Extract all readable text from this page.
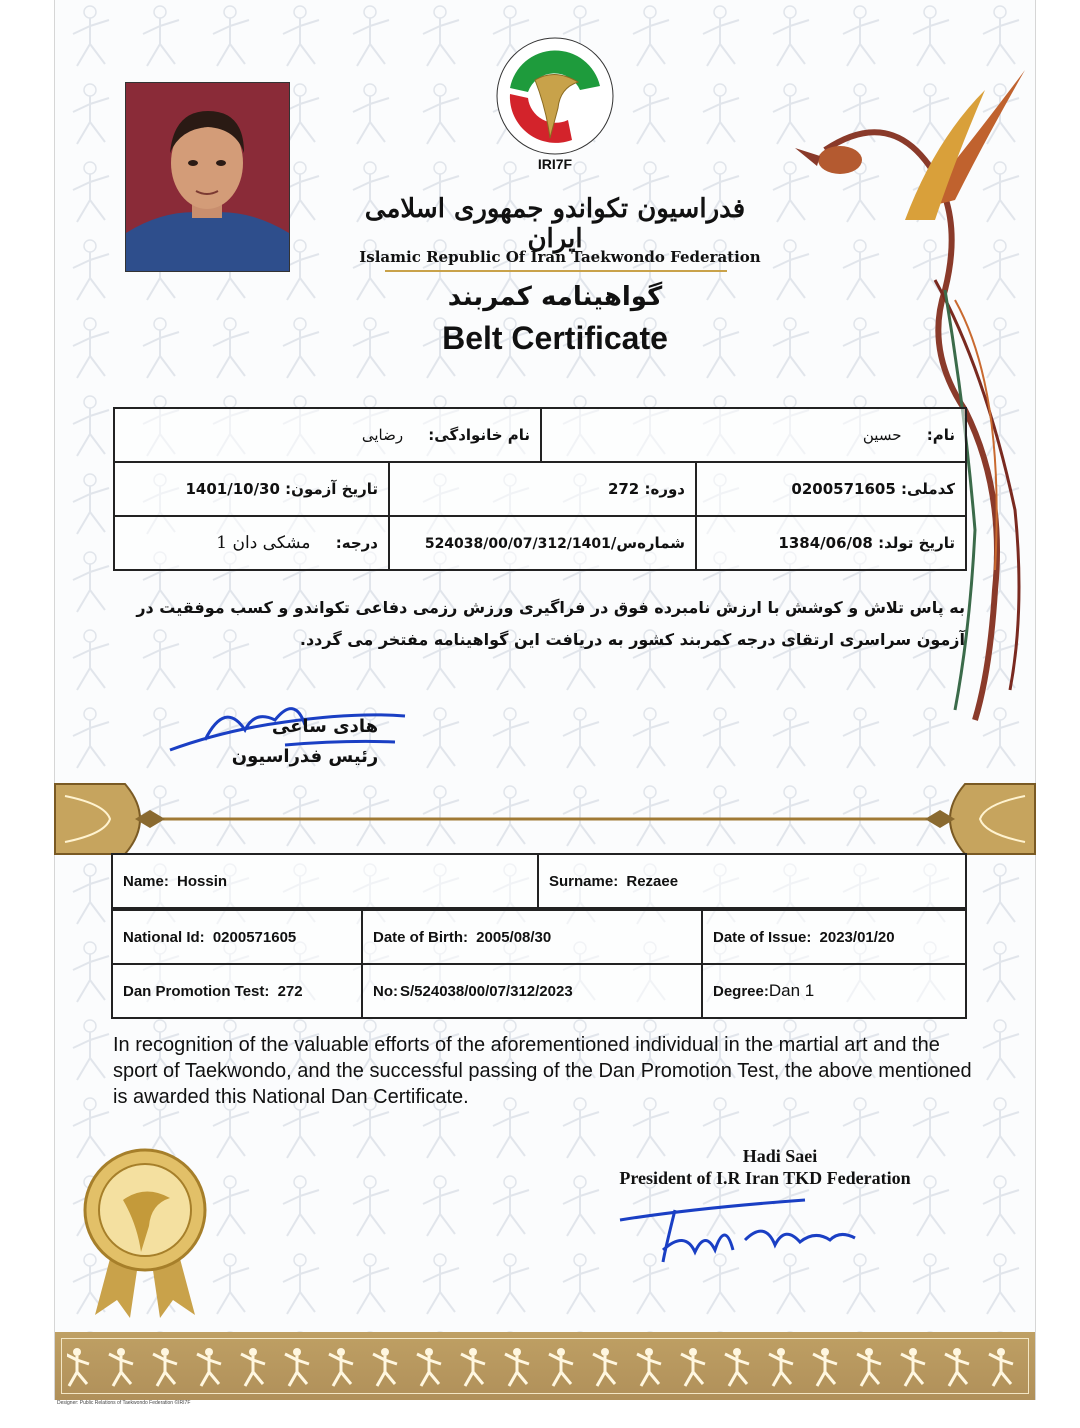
IRI7F
فدراسیون تکواندو جمهوری اسلامی ایران
Islamic Republic Of Iran Taekwondo Federation
گواهینامه کمربند
Belt Certificate
نام: حسین	نام خانوادگی: رضایی
کدملی: 0200571605	دوره: 272	تاریخ آزمون: 1401/10/30
تاریخ تولد: 1384/06/08	شماره‌س/524038/00/07/312/1401	درجه: مشکی دان 1
به پاس تلاش و کوشش با ارزش نامبرده فوق در فراگیری ورزش رزمی دفاعی تکواندو و کسب موفقیت در آزمون سراسری ارتقای درجه کمربند کشور به دریافت این گواهینامه مفتخر می گردد.
هادی ساعی
رئیس فدراسیون
Name: Hossin	Surname: Rezaee
National Id: 0200571605	Date of Birth: 2005/08/30	Date of Issue: 2023/01/20
Dan Promotion Test: 272	No: S/524038/00/07/312/2023	Degree:Dan 1
In recognition of the valuable efforts of the aforementioned individual in the martial art and the sport of Taekwondo, and the successful passing of the Dan Promotion Test, the above mentioned is awarded this National Dan Certificate.
Hadi Saei
President of I.R Iran TKD Federation
Designer: Public Relations of Taekwondo Federation ©IRI7F
